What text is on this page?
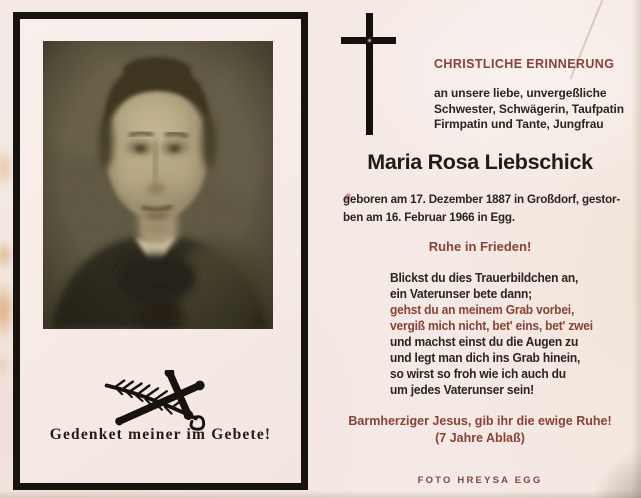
Gedenket meiner im Gebete!
CHRISTLICHE ERINNERUNG
an unsere liebe, unvergeßliche
Schwester, Schwägerin, Taufpatin
Firmpatin und Tante, Jungfrau
Maria Rosa Liebschick
geboren am 17. Dezember 1887 in Großdorf, gestor-
ben am 16. Februar 1966 in Egg.
Ruhe in Frieden!
Blickst du dies Trauerbildchen an,
ein Vaterunser bete dann;
gehst du an meinem Grab vorbei,
vergiß mich nicht, bet' eins, bet' zwei
und machst einst du die Augen zu
und legt man dich ins Grab hinein,
so wirst so froh wie ich auch du
um jedes Vaterunser sein!
Barmherziger Jesus, gib ihr die ewige Ruhe!
(7 Jahre Ablaß)
FOTO HREYSA EGG
